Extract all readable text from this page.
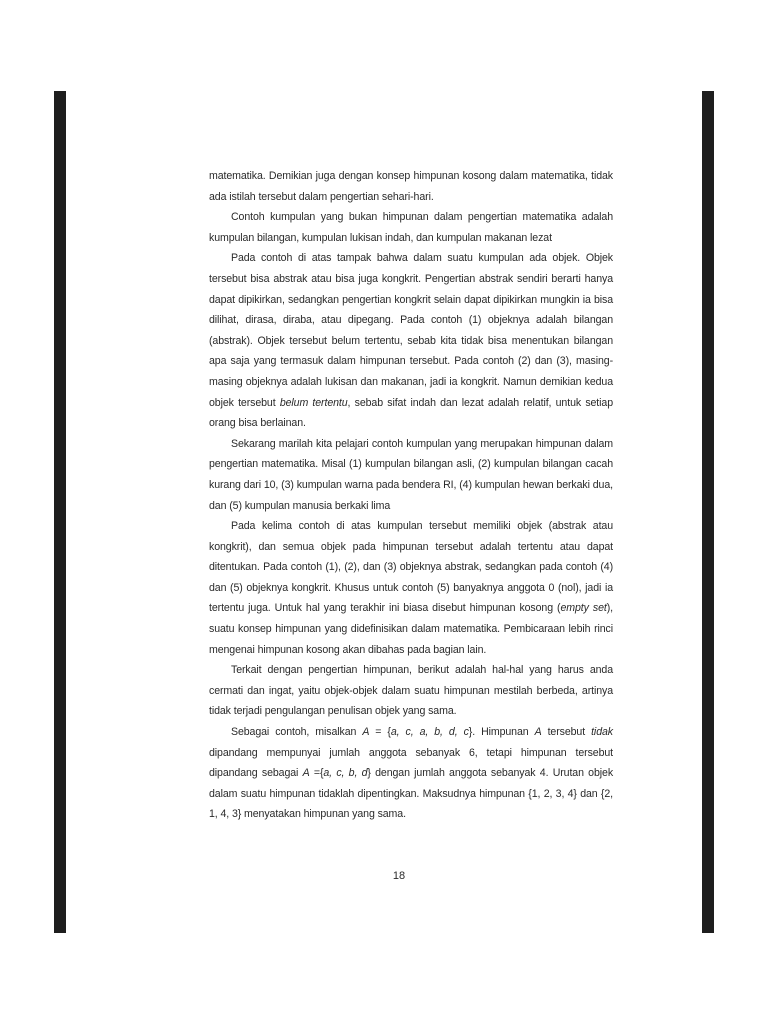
matematika. Demikian juga dengan konsep himpunan kosong dalam matematika, tidak ada istilah tersebut dalam pengertian sehari-hari.

Contoh kumpulan yang bukan himpunan dalam pengertian matematika adalah kumpulan bilangan, kumpulan lukisan indah, dan kumpulan makanan lezat

Pada contoh di atas tampak bahwa dalam suatu kumpulan ada objek. Objek tersebut bisa abstrak atau bisa juga kongkrit. Pengertian abstrak sendiri berarti hanya dapat dipikirkan, sedangkan pengertian kongkrit selain dapat dipikirkan mungkin ia bisa dilihat, dirasa, diraba, atau dipegang. Pada contoh (1) objeknya adalah bilangan (abstrak). Objek tersebut belum tertentu, sebab kita tidak bisa menentukan bilangan apa saja yang termasuk dalam himpunan tersebut. Pada contoh (2) dan (3), masing-masing objeknya adalah lukisan dan makanan, jadi ia kongkrit. Namun demikian kedua objek tersebut belum tertentu, sebab sifat indah dan lezat adalah relatif, untuk setiap orang bisa berlainan.

Sekarang marilah kita pelajari contoh kumpulan yang merupakan himpunan dalam pengertian matematika. Misal (1) kumpulan bilangan asli, (2) kumpulan bilangan cacah kurang dari 10, (3) kumpulan warna pada bendera RI, (4) kumpulan hewan berkaki dua, dan (5) kumpulan manusia berkaki lima

Pada kelima contoh di atas kumpulan tersebut memiliki objek (abstrak atau kongkrit), dan semua objek pada himpunan tersebut adalah tertentu atau dapat ditentukan. Pada contoh (1), (2), dan (3) objeknya abstrak, sedangkan pada contoh (4) dan (5) objeknya kongkrit. Khusus untuk contoh (5) banyaknya anggota 0 (nol), jadi ia tertentu juga. Untuk hal yang terakhir ini biasa disebut himpunan kosong (empty set), suatu konsep himpunan yang didefinisikan dalam matematika. Pembicaraan lebih rinci mengenai himpunan kosong akan dibahas pada bagian lain.

Terkait dengan pengertian himpunan, berikut adalah hal-hal yang harus anda cermati dan ingat, yaitu objek-objek dalam suatu himpunan mestilah berbeda, artinya tidak terjadi pengulangan penulisan objek yang sama.

Sebagai contoh, misalkan A = {a, c, a, b, d, c}. Himpunan A tersebut tidak dipandang mempunyai jumlah anggota sebanyak 6, tetapi himpunan tersebut dipandang sebagai A ={a, c, b, d} dengan jumlah anggota sebanyak 4. Urutan objek dalam suatu himpunan tidaklah dipentingkan. Maksudnya himpunan {1, 2, 3, 4} dan {2, 1, 4, 3} menyatakan himpunan yang sama.

18
